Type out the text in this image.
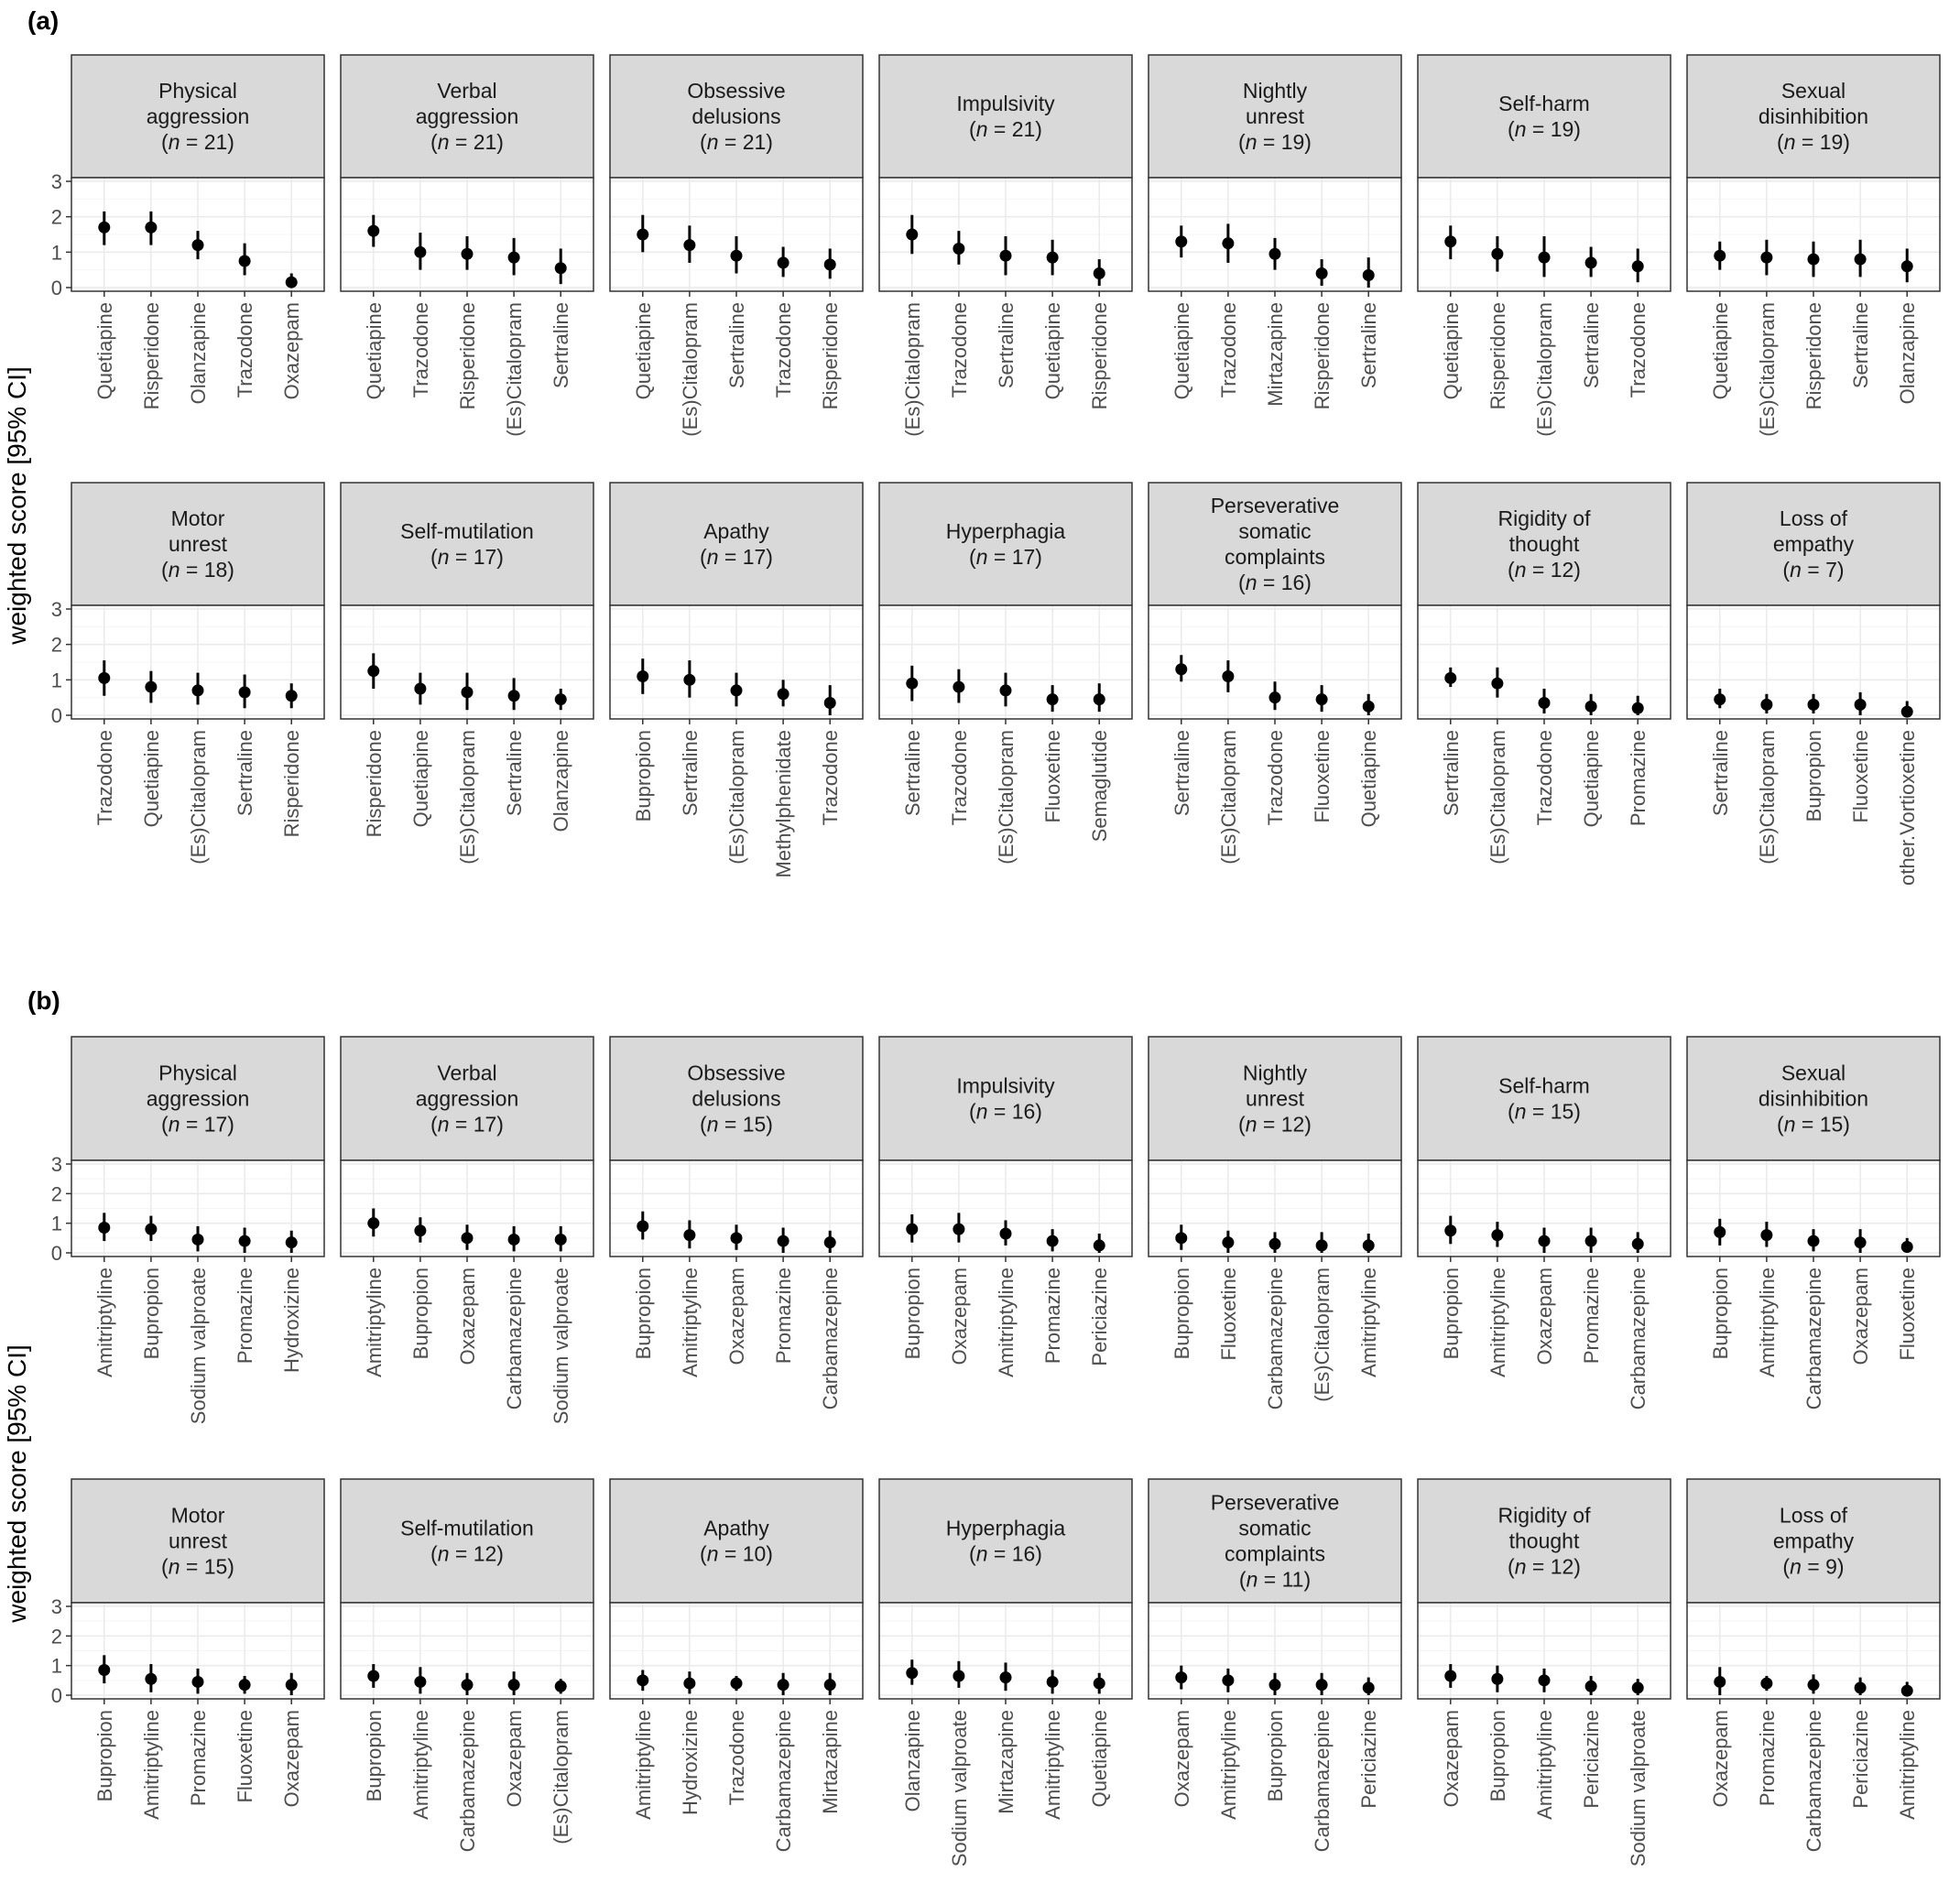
(a)
(b)
weighted score [95% CI]
weighted score [95% CI]
Physical
aggression
(n = 21)
0
1
2
3
Quetiapine Risperidone Olanzapine Trazodone Oxazepam
Verbal
aggression
(n = 21)
Quetiapine Trazodone Risperidone (Es)Citalopram Sertraline
Obsessive
delusions
(n = 21)
Quetiapine (Es)Citalopram Sertraline Trazodone Risperidone
Impulsivity
(n = 21)
(Es)Citalopram Trazodone Sertraline Quetiapine Risperidone
Nightly
unrest
(n = 19)
Quetiapine Trazodone Mirtazapine Risperidone Sertraline
Self-harm
(n = 19)
Quetiapine Risperidone (Es)Citalopram Sertraline Trazodone
Sexual
disinhibition
(n = 19)
Quetiapine (Es)Citalopram Risperidone Sertraline Olanzapine
Motor
unrest
(n = 18)
0
1
2
3
Trazodone Quetiapine (Es)Citalopram Sertraline Risperidone
Self-mutilation
(n = 17)
Risperidone Quetiapine (Es)Citalopram Sertraline Olanzapine
Apathy
(n = 17)
Bupropion Sertraline (Es)Citalopram Methylphenidate Trazodone
Hyperphagia
(n = 17)
Sertraline Trazodone (Es)Citalopram Fluoxetine Semaglutide
Perseverative
somatic
complaints
(n = 16)
Sertraline (Es)Citalopram Trazodone Fluoxetine Quetiapine
Rigidity of
thought
(n = 12)
Sertraline (Es)Citalopram Trazodone Quetiapine Promazine
Loss of
empathy
(n = 7)
Sertraline (Es)Citalopram Bupropion Fluoxetine other.Vortioxetine
Physical
aggression
(n = 17)
0
1
2
3
Amitriptyline Bupropion Sodium valproate Promazine Hydroxizine
Verbal
aggression
(n = 17)
Amitriptyline Bupropion Oxazepam Carbamazepine Sodium valproate
Obsessive
delusions
(n = 15)
Bupropion Amitriptyline Oxazepam Promazine Carbamazepine
Impulsivity
(n = 16)
Bupropion Oxazepam Amitriptyline Promazine Periciazine
Nightly
unrest
(n = 12)
Bupropion Fluoxetine Carbamazepine (Es)Citalopram Amitriptyline
Self-harm
(n = 15)
Bupropion Amitriptyline Oxazepam Promazine Carbamazepine
Sexual
disinhibition
(n = 15)
Bupropion Amitriptyline Carbamazepine Oxazepam Fluoxetine
Motor
unrest
(n = 15)
0
1
2
3
Bupropion Amitriptyline Promazine Fluoxetine Oxazepam
Self-mutilation
(n = 12)
Bupropion Amitriptyline Carbamazepine Oxazepam (Es)Citalopram
Apathy
(n = 10)
Amitriptyline Hydroxizine Trazodone Carbamazepine Mirtazapine
Hyperphagia
(n = 16)
Olanzapine Sodium valproate Mirtazapine Amitriptyline Quetiapine
Perseverative
somatic
complaints
(n = 11)
Oxazepam Amitriptyline Bupropion Carbamazepine Periciazine
Rigidity of
thought
(n = 12)
Oxazepam Bupropion Amitriptyline Periciazine Sodium valproate
Loss of
empathy
(n = 9)
Oxazepam Promazine Carbamazepine Periciazine Amitriptyline
